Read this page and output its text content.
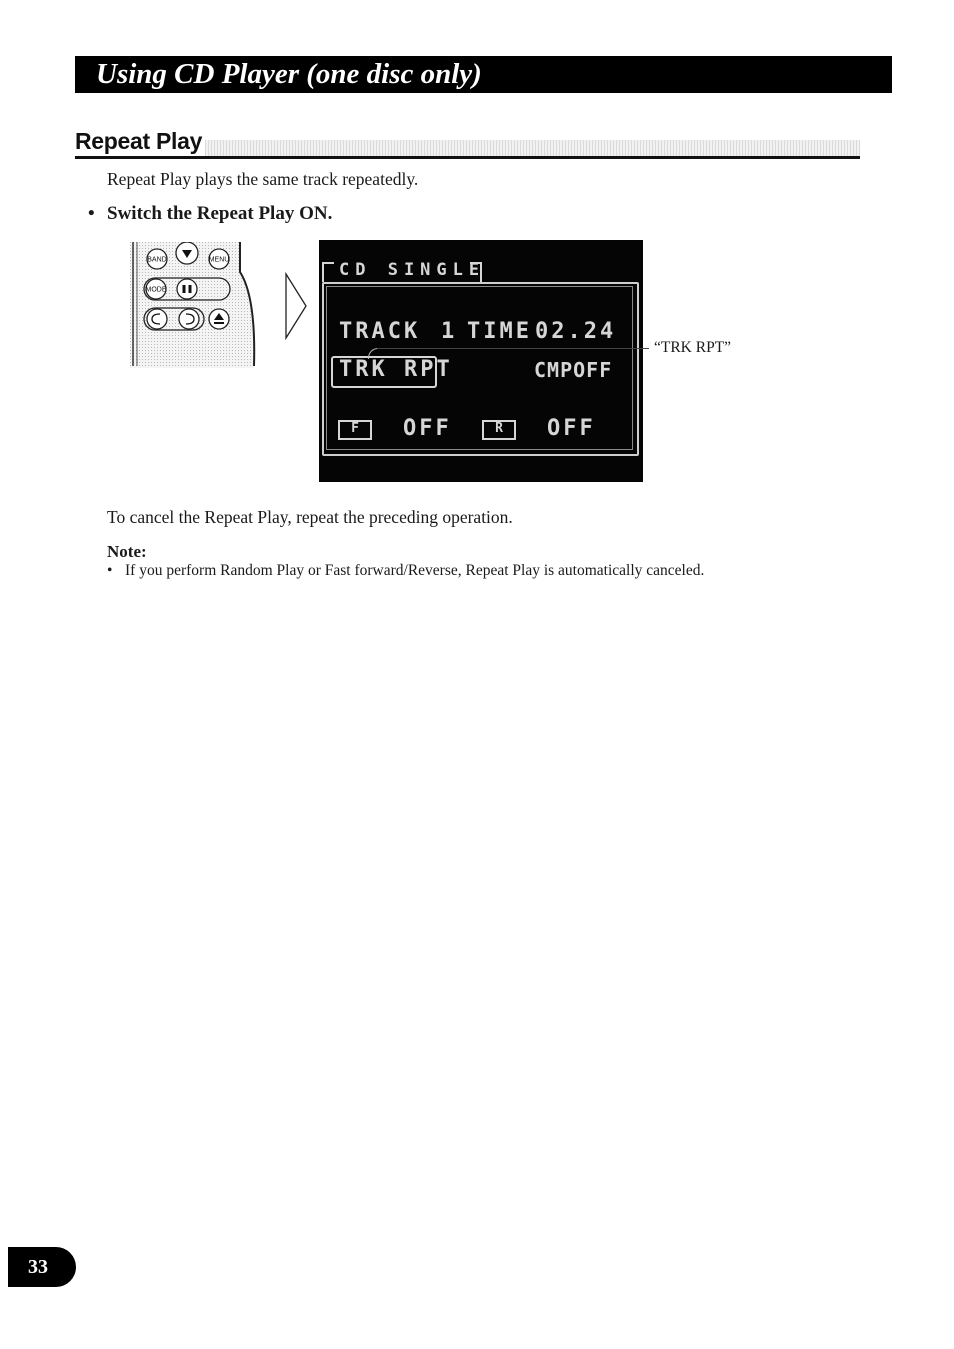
Using CD Player (one disc only)
Repeat Play
Repeat Play plays the same track repeatedly.
• Switch the Repeat Play ON.
BAND	MENU
MODE
CD SINGLE
TRACK 1 TIME 02.24
TRK RPT	CMPOFF
F	OFF	R	OFF
“TRK RPT”
To cancel the Repeat Play, repeat the preceding operation.
Note:
• If you perform Random Play or Fast forward/Reverse, Repeat Play is automatically canceled.
33
